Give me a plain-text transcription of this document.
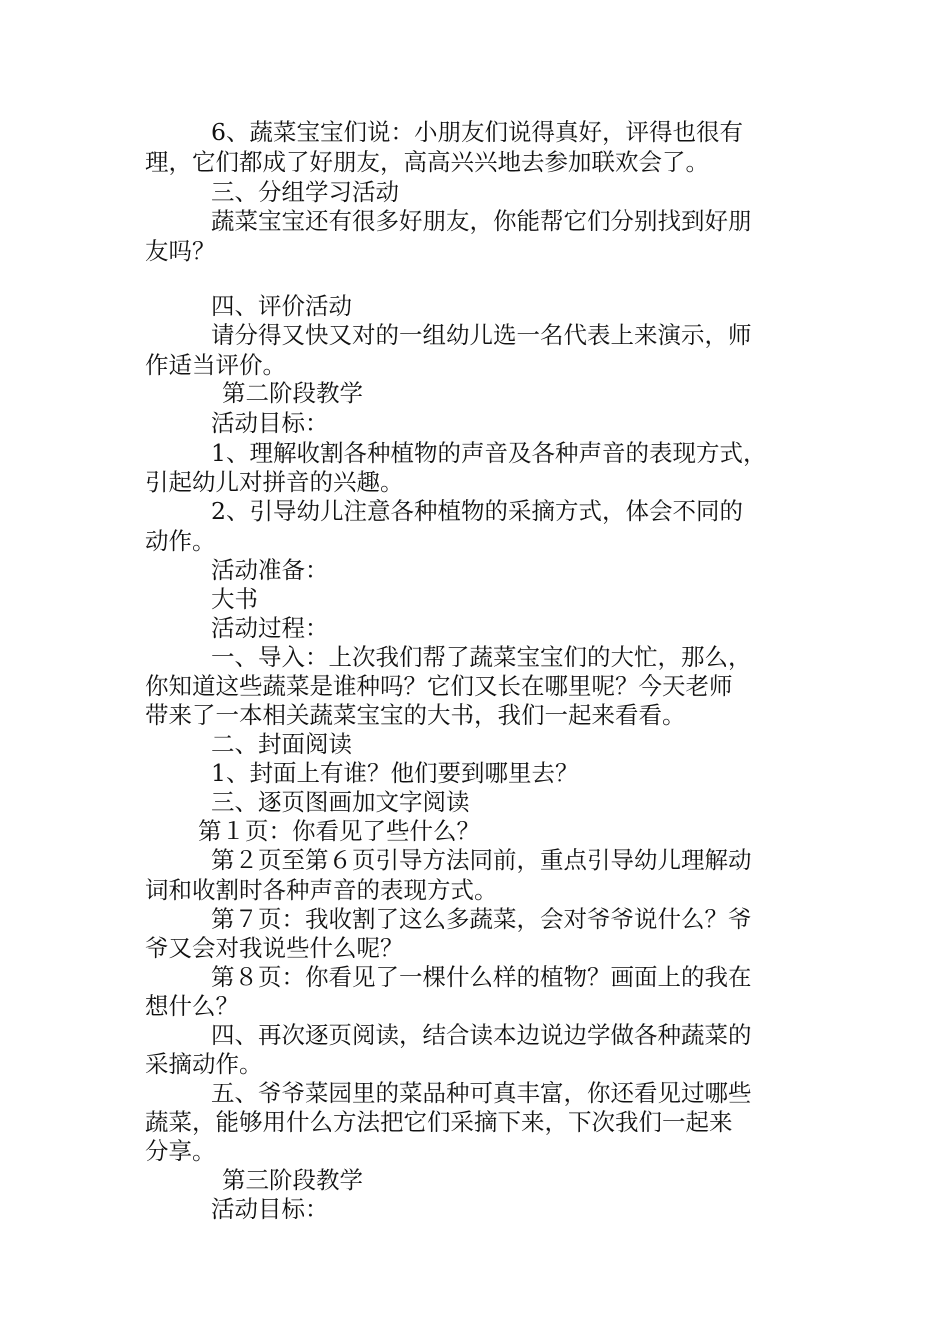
6、蔬菜宝宝们说：小朋友们说得真好，评得也很有

理，它们都成了好朋友，高高兴兴地去参加联欢会了。

三、分组学习活动

蔬菜宝宝还有很多好朋友，你能帮它们分别找到好朋

友吗？

四、评价活动

请分得又快又对的一组幼儿选一名代表上来演示，师

作适当评价。

第二阶段教学

活动目标：

1、理解收割各种植物的声音及各种声音的表现方式，

引起幼儿对拼音的兴趣。

2、引导幼儿注意各种植物的采摘方式，体会不同的

动作。

活动准备：

大书

活动过程：

一、导入：上次我们帮了蔬菜宝宝们的大忙，那么，

你知道这些蔬菜是谁种吗？它们又长在哪里呢？今天老师

带来了一本相关蔬菜宝宝的大书，我们一起来看看。

二、封面阅读

1、封面上有谁？他们要到哪里去？

三、逐页图画加文字阅读

第１页：你看见了些什么？

第２页至第６页引导方法同前，重点引导幼儿理解动

词和收割时各种声音的表现方式。

第７页：我收割了这么多蔬菜，会对爷爷说什么？爷

爷又会对我说些什么呢？

第８页：你看见了一棵什么样的植物？画面上的我在

想什么？

四、再次逐页阅读，结合读本边说边学做各种蔬菜的

采摘动作。

五、爷爷菜园里的菜品种可真丰富，你还看见过哪些

蔬菜，能够用什么方法把它们采摘下来，下次我们一起来

分享。

第三阶段教学

活动目标：
